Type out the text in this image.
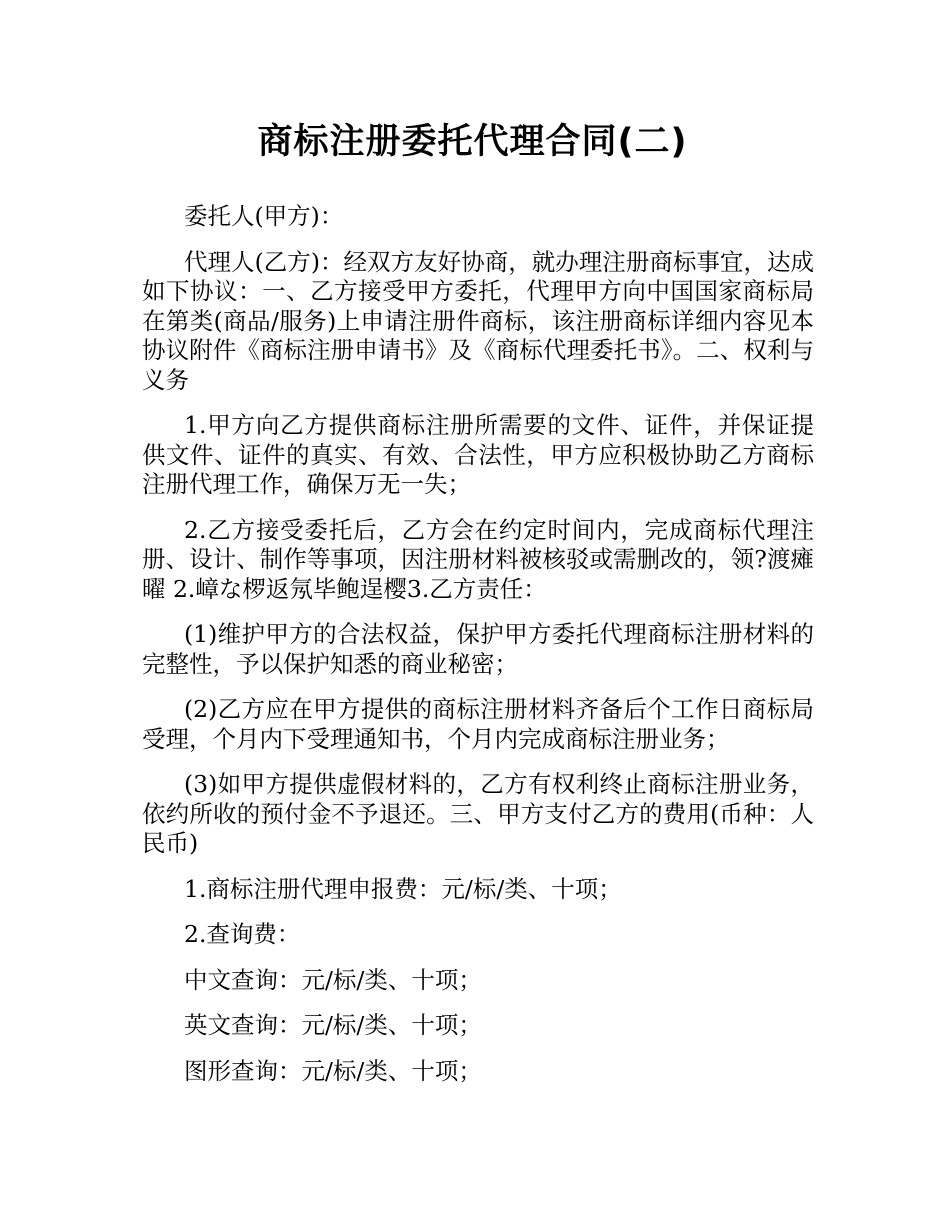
商标注册委托代理合同(二)

委托人(甲方)：

代理人(乙方)：经双方友好协商，就办理注册商标事宜，达成如下协议：一、乙方接受甲方委托，代理甲方向中国国家商标局在第类(商品/服务)上申请注册件商标，该注册商标详细内容见本协议附件《商标注册申请书》及《商标代理委托书》。二、权利与义务

1.甲方向乙方提供商标注册所需要的文件、证件，并保证提供文件、证件的真实、有效、合法性，甲方应积极协助乙方商标注册代理工作，确保万无一失；

2.乙方接受委托后，乙方会在约定时间内，完成商标代理注册、设计、制作等事项，因注册材料被核驳或需删改的，领?渡瘫曜 2.嶂な椤返氖毕鲍逞樱3.乙方责任：

(1)维护甲方的合法权益，保护甲方委托代理商标注册材料的完整性，予以保护知悉的商业秘密；

(2)乙方应在甲方提供的商标注册材料齐备后个工作日商标局受理，个月内下受理通知书，个月内完成商标注册业务；

(3)如甲方提供虚假材料的，乙方有权利终止商标注册业务，依约所收的预付金不予退还。三、甲方支付乙方的费用(币种：人民币)

1.商标注册代理申报费：元/标/类、十项；

2.查询费：

中文查询：元/标/类、十项；

英文查询：元/标/类、十项；

图形查询：元/标/类、十项；
